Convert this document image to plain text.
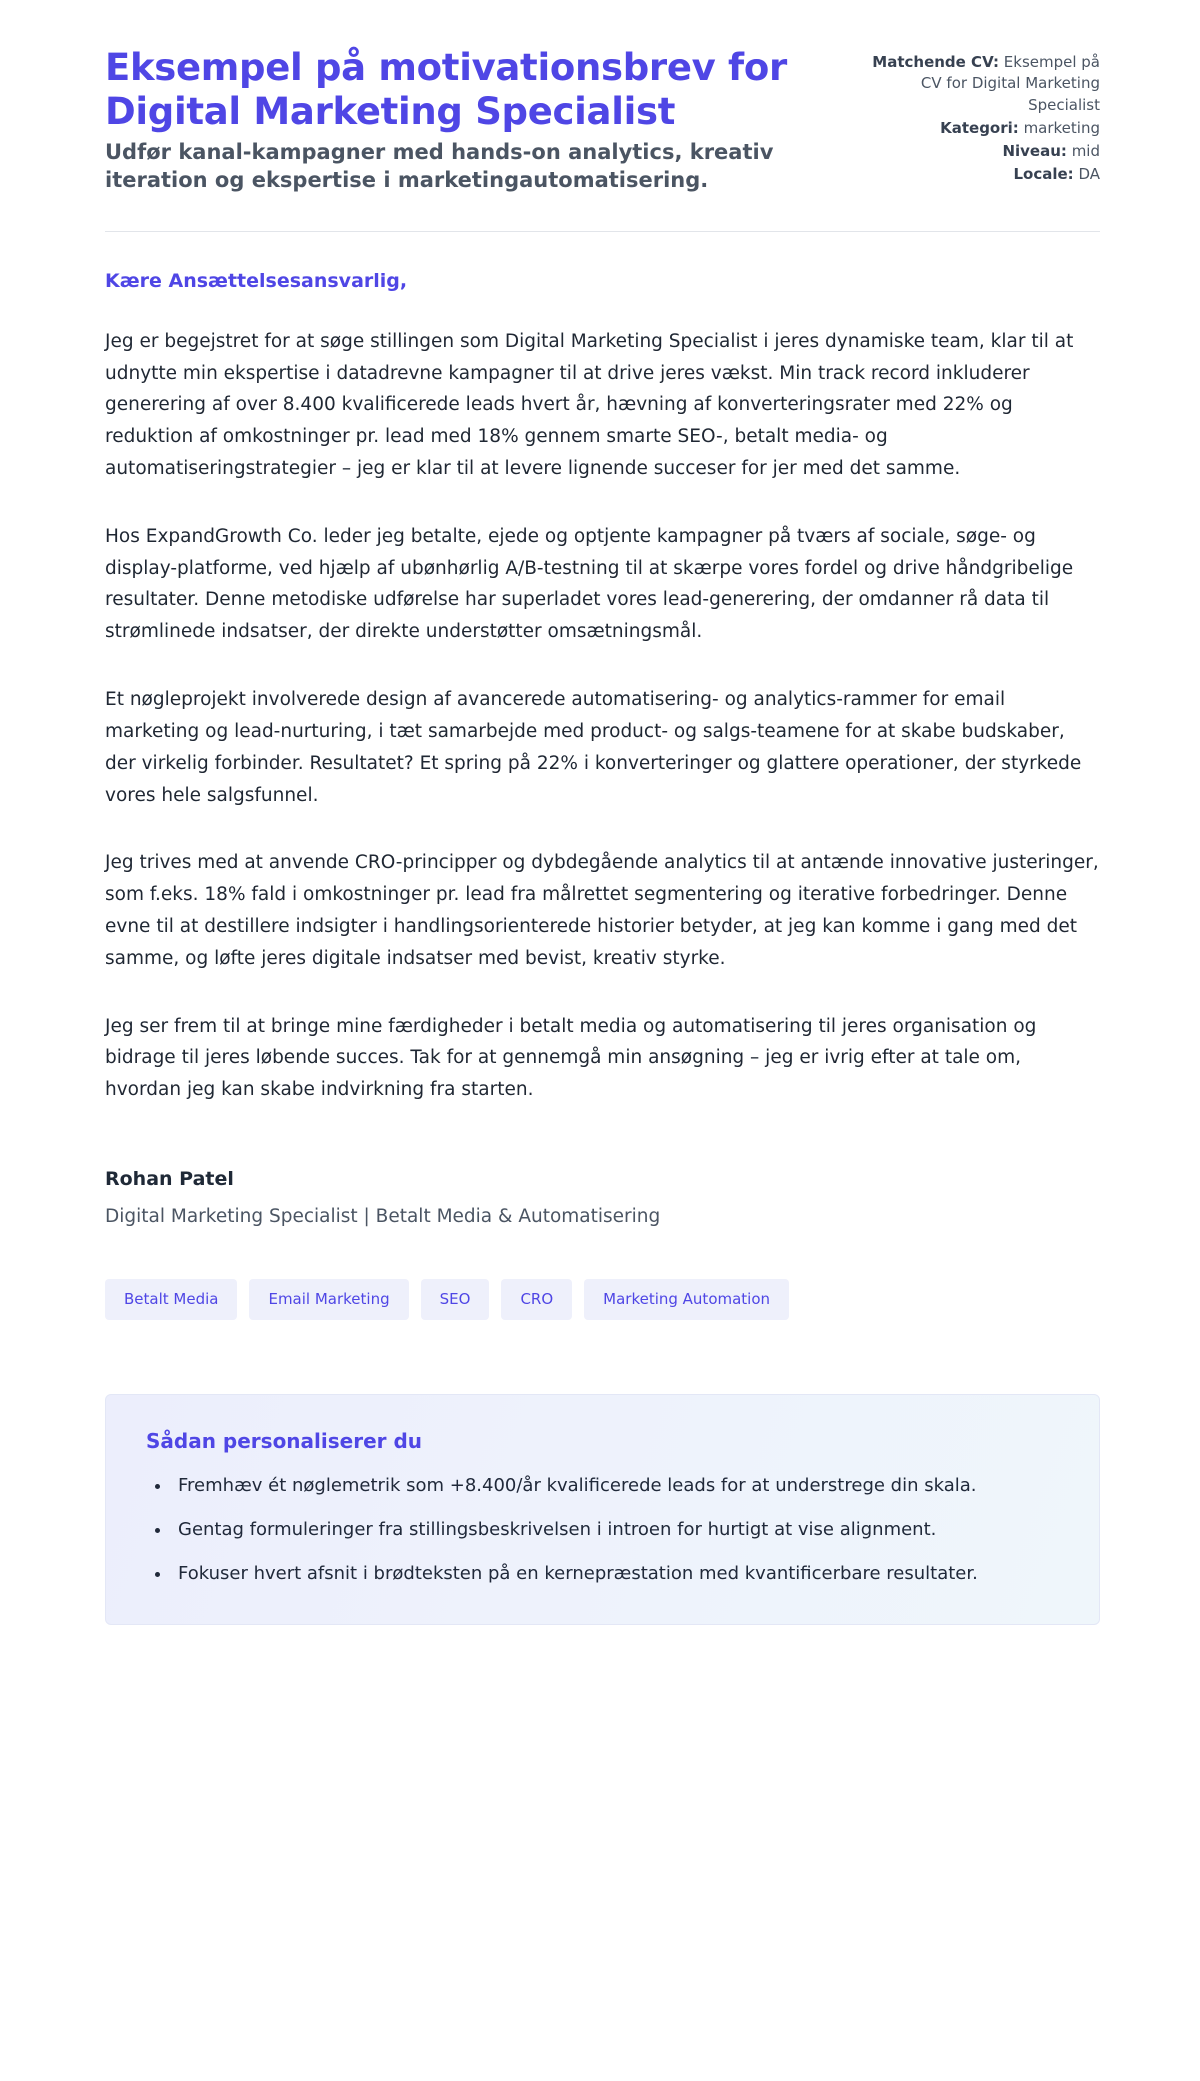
Eksempel på motivationsbrev for Digital Marketing Specialist

Udfør kanal-kampagner med hands-on analytics, kreativ iteration og ekspertise i marketingautomatisering.

Matchende CV: Eksempel på CV for Digital Marketing Specialist
Kategori: marketing
Niveau: mid
Locale: DA

Kære Ansættelsesansvarlig,

Jeg er begejstret for at søge stillingen som Digital Marketing Specialist i jeres dynamiske team, klar til at udnytte min ekspertise i datadrevne kampagner til at drive jeres vækst. Min track record inkluderer generering af over 8.400 kvalificerede leads hvert år, hævning af konverteringsrater med 22% og reduktion af omkostninger pr. lead med 18% gennem smarte SEO-, betalt media- og automatiseringstrategier – jeg er klar til at levere lignende succeser for jer med det samme.

Hos ExpandGrowth Co. leder jeg betalte, ejede og optjente kampagner på tværs af sociale, søge- og display-platforme, ved hjælp af ubønhørlig A/B-testning til at skærpe vores fordel og drive håndgribelige resultater. Denne metodiske udførelse har superladet vores lead-generering, der omdanner rå data til strømlinede indsatser, der direkte understøtter omsætningsmål.

Et nøgleprojekt involverede design af avancerede automatisering- og analytics-rammer for email marketing og lead-nurturing, i tæt samarbejde med product- og salgs-teamene for at skabe budskaber, der virkelig forbinder. Resultatet? Et spring på 22% i konverteringer og glattere operationer, der styrkede vores hele salgsfunnel.

Jeg trives med at anvende CRO-principper og dybdegående analytics til at antænde innovative justeringer, som f.eks. 18% fald i omkostninger pr. lead fra målrettet segmentering og iterative forbedringer. Denne evne til at destillere indsigter i handlingsorienterede historier betyder, at jeg kan komme i gang med det samme, og løfte jeres digitale indsatser med bevist, kreativ styrke.

Jeg ser frem til at bringe mine færdigheder i betalt media og automatisering til jeres organisation og bidrage til jeres løbende succes. Tak for at gennemgå min ansøgning – jeg er ivrig efter at tale om, hvordan jeg kan skabe indvirkning fra starten.

Rohan Patel

Digital Marketing Specialist | Betalt Media & Automatisering

Betalt Media	Email Marketing	SEO	CRO	Marketing Automation
Sådan personaliserer du
• Fremhæv ét nøglemetrik som +8.400/år kvalificerede leads for at understrege din skala.
• Gentag formuleringer fra stillingsbeskrivelsen i introen for hurtigt at vise alignment.
• Fokuser hvert afsnit i brødteksten på en kernepræstation med kvantificerbare resultater.
